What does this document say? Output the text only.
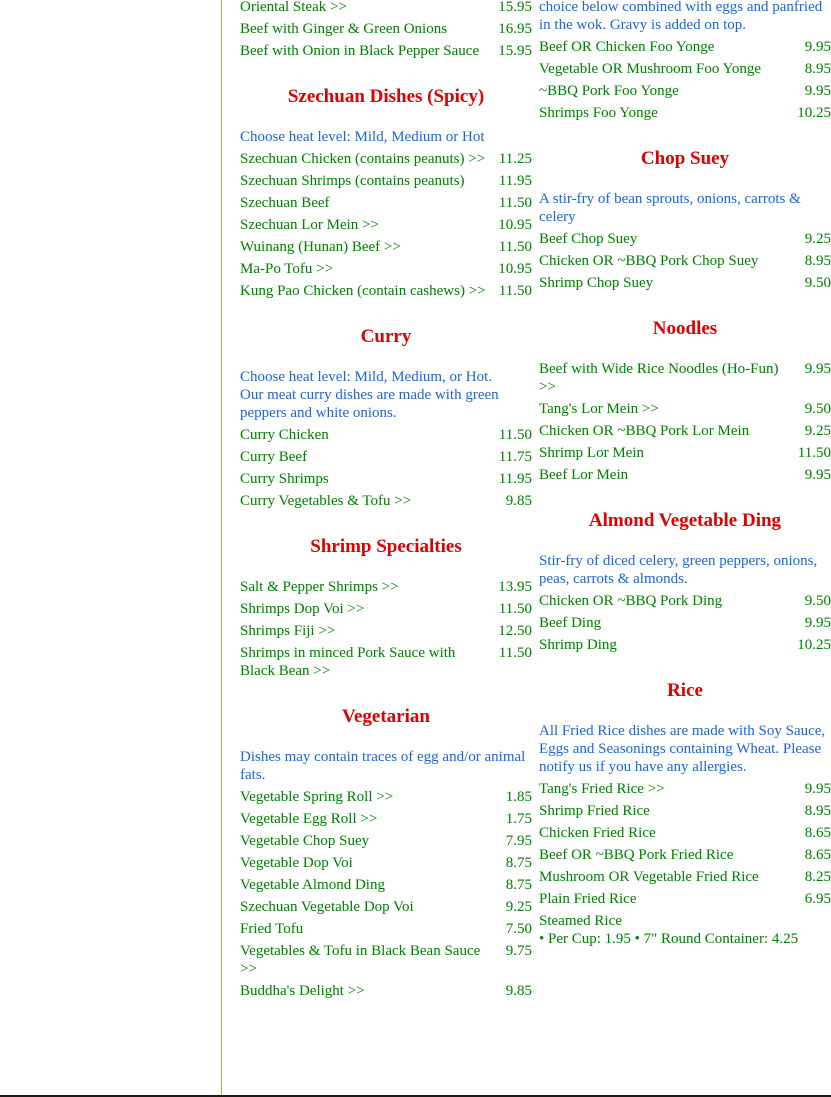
Oriental Steak >>	15.95
Beef with Ginger & Green Onions	16.95
Beef with Onion in Black Pepper Sauce	15.95
Szechuan Dishes (Spicy)

Choose heat level: Mild, Medium or Hot

Szechuan Chicken (contains peanuts) >> 11.25
Szechuan Shrimps (contains peanuts)	11.95
Szechuan Beef	11.50
Szechuan Lor Mein >>	10.95
Wuinang (Hunan) Beef >>	11.50
Ma-Po Tofu >>	10.95
Kung Pao Chicken (contain cashews) >> 11.50
Curry

Choose heat level: Mild, Medium, or Hot.

Our meat curry dishes are made with green peppers and white onions.

Curry Chicken	11.50
Curry Beef	11.75
Curry Shrimps	11.95
Curry Vegetables & Tofu >>	9.85
Shrimp Specialties
Salt & Pepper Shrimps >>	13.95
Shrimps Dop Voi >>	11.50
Shrimps Fiji >>	12.50
Shrimps in minced Pork Sauce with Black Bean >>
11.50
Vegetarian

Dishes may contain traces of egg and/or animal fats.

Vegetable Spring Roll >>	1.85
Vegetable Egg Roll >>	1.75
Vegetable Chop Suey	7.95
Vegetable Dop Voi	8.75
Vegetable Almond Ding	8.75
Szechuan Vegetable Dop Voi	9.25
Fried Tofu	7.50
Vegetables & Tofu in Black Bean Sauce >>
9.75
Buddha's Delight >>	9.85

choice below combined with eggs and panfried in the wok. Gravy is added on top.

Beef OR Chicken Foo Yonge	9.95
Vegetable OR Mushroom Foo Yonge	8.95
~BBQ Pork Foo Yonge	9.95
Shrimps Foo Yonge	10.25
Chop Suey

A stir-fry of bean sprouts, onions, carrots & celery

Beef Chop Suey	9.25
Chicken OR ~BBQ Pork Chop Suey	8.95
Shrimp Chop Suey	9.50
Noodles
Beef with Wide Rice Noodles (Ho-Fun) >>
9.95
Tang's Lor Mein >>	9.50
Chicken OR ~BBQ Pork Lor Mein	9.25
Shrimp Lor Mein	11.50
Beef Lor Mein	9.95
Almond Vegetable Ding

Stir-fry of diced celery, green peppers, onions, peas, carrots & almonds.

Chicken OR ~BBQ Pork Ding	9.50
Beef Ding	9.95
Shrimp Ding	10.25
Rice

All Fried Rice dishes are made with Soy Sauce, Eggs and Seasonings containing Wheat. Please notify us if you have any allergies.

Tang's Fried Rice >>	9.95
Shrimp Fried Rice	8.95
Chicken Fried Rice	8.65
Beef OR ~BBQ Pork Fried Rice	8.65
Mushroom OR Vegetable Fried Rice	8.25
Plain Fried Rice	6.95
Steamed Rice
• Per Cup: 1.95 • 7" Round Container: 4.25
